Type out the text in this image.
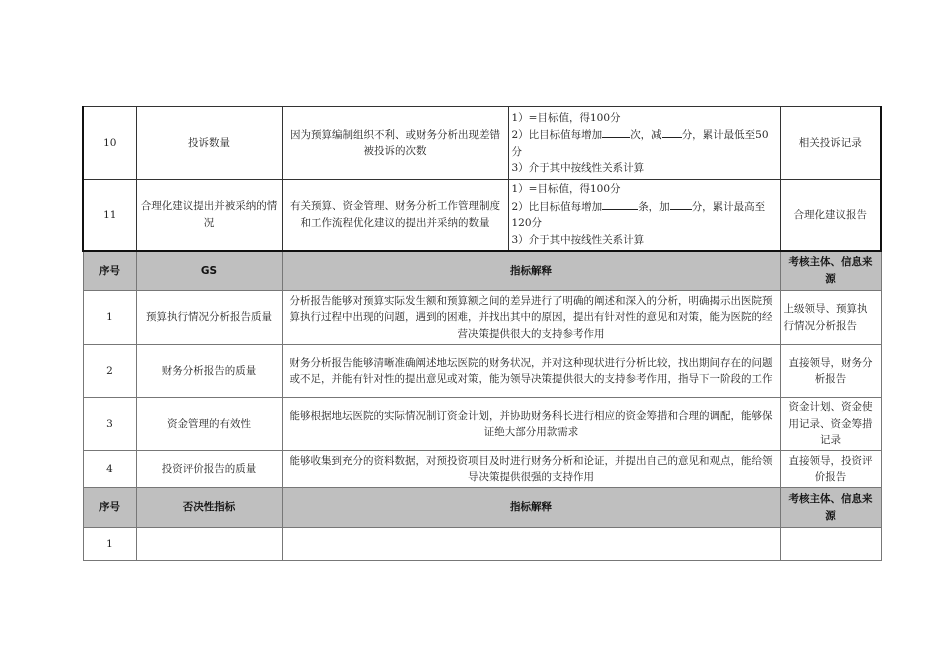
10	投诉数量	因为预算编制组织不利、或财务分析出现差错被投诉的次数	1）=目标值，得100分
2）比目标值每增加 次，减 分，累计最低至50分
3）介于其中按线性关系计算	相关投诉记录
11	合理化建议提出并被采纳的情况	有关预算、资金管理、财务分析工作管理制度和工作流程优化建议的提出并采纳的数量	1）=目标值，得100分
2）比目标值每增加 条，加 分，累计最高至120分
3）介于其中按线性关系计算	合理化建议报告
序号	GS	指标解释		考核主体、信息来源
1	预算执行情况分析报告质量	分析报告能够对预算实际发生额和预算额之间的差异进行了明确的阐述和深入的分析，明确揭示出医院预算执行过程中出现的问题，遇到的困难，并找出其中的原因，提出有针对性的意见和对策，能为医院的经营决策提供很大的支持参考作用		上级领导、预算执行情况分析报告
2	财务分析报告的质量	财务分析报告能够清晰准确阐述地坛医院的财务状况，并对这种现状进行分析比较，找出期间存在的问题或不足，并能有针对性的提出意见或对策，能为领导决策提供很大的支持参考作用，指导下一阶段的工作		直接领导，财务分析报告
3	资金管理的有效性	能够根据地坛医院的实际情况制订资金计划，并协助财务科长进行相应的资金筹措和合理的调配，能够保证绝大部分用款需求		资金计划、资金使用记录、资金筹措记录
4	投资评价报告的质量	能够收集到充分的资料数据，对预投资项目及时进行财务分析和论证，并提出自己的意见和观点，能给领导决策提供很强的支持作用		直接领导，投资评价报告
序号	否决性指标	指标解释		考核主体、信息来源
1				
